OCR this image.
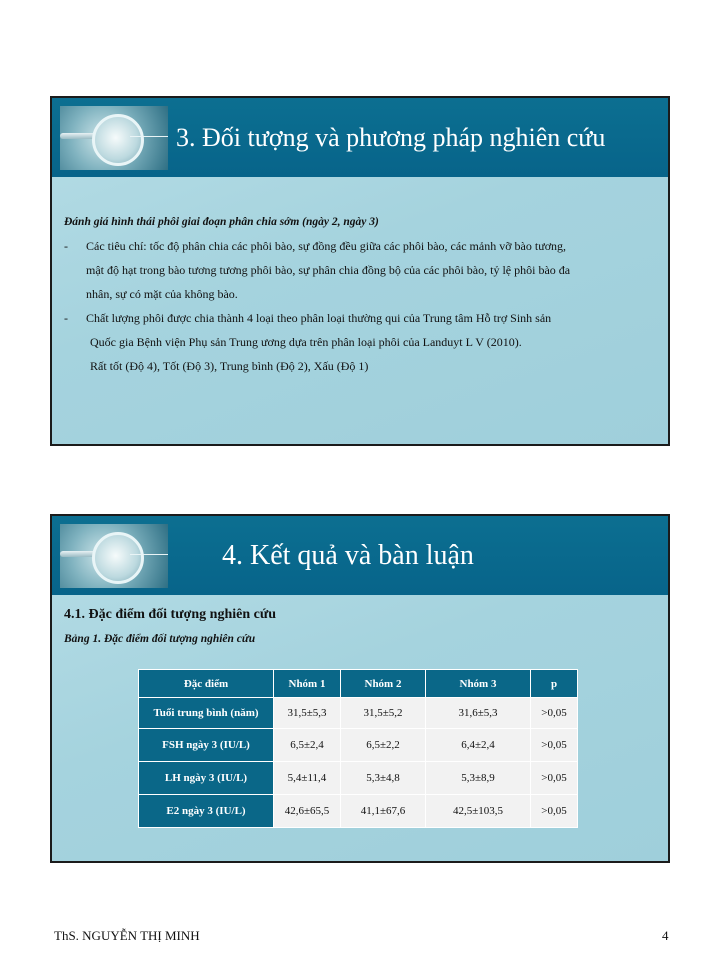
3. Đối tượng và phương pháp nghiên cứu

Đánh giá hình thái phôi giai đoạn phân chia sớm (ngày 2, ngày 3)

-	Các tiêu chí: tốc độ phân chia các phôi bào, sự đồng đều giữa các phôi bào, các mảnh vỡ bào tương,

mật độ hạt trong bào tương tương phôi bào, sự phân chia đồng bộ của các phôi bào, tỷ lệ phôi bào đa

nhân, sự có mặt của không bào.

-	Chất lượng phôi được chia thành 4 loại theo phân loại thường qui của Trung tâm Hỗ trợ Sinh sản

Quốc gia Bệnh viện Phụ sản Trung ương dựa trên phân loại phôi của Landuyt L V (2010).

Rất tốt (Độ 4), Tốt (Độ 3), Trung bình (Độ 2), Xấu (Độ 1)

4. Kết quả và bàn luận
4.1. Đặc điểm đối tượng nghiên cứu
Bảng 1. Đặc điểm đối tượng nghiên cứu
Đặc điểm	Nhóm 1	Nhóm 2	Nhóm 3	p
Tuổi trung bình (năm)	31,5±5,3	31,5±5,2	31,6±5,3	>0,05
FSH ngày 3 (IU/L)	6,5±2,4	6,5±2,2	6,4±2,4	>0,05
LH ngày 3 (IU/L)	5,4±11,4	5,3±4,8	5,3±8,9	>0,05
E2 ngày 3 (IU/L)	42,6±65,5	41,1±67,6	42,5±103,5	>0,05
ThS. NGUYỄN THỊ MINH	4
